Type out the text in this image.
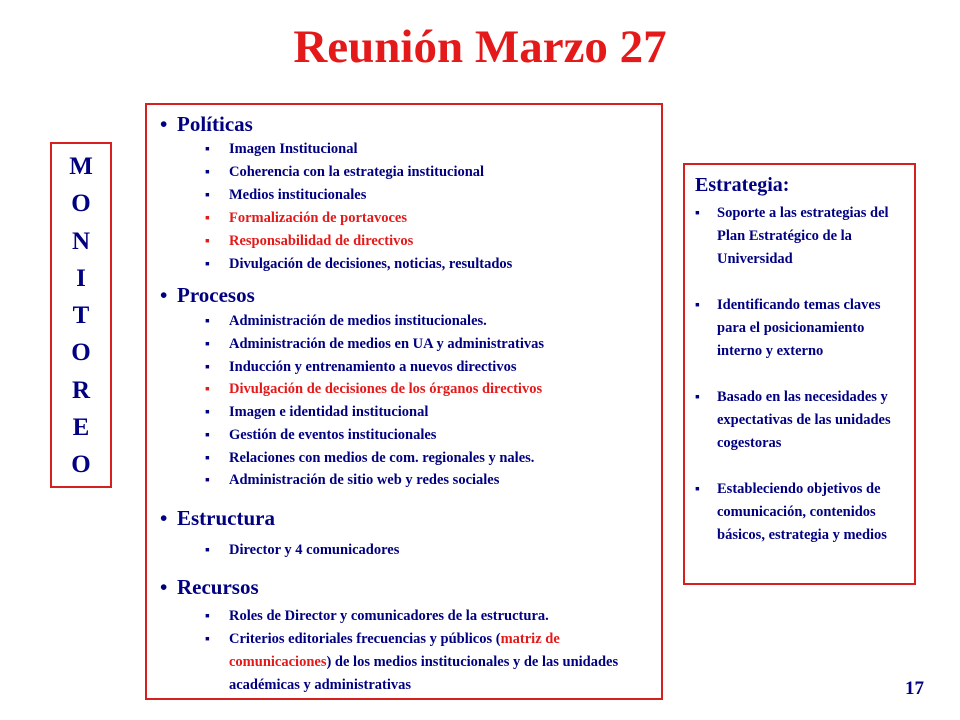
Reunión Marzo 27
M
O
N
I
T
O
R
E
O
• Políticas
▪ Imagen Institucional
▪ Coherencia con la estrategia institucional
▪ Medios institucionales
▪ Formalización de portavoces
▪ Responsabilidad de directivos
▪ Divulgación de decisiones, noticias, resultados
• Procesos
▪ Administración de medios institucionales.
▪ Administración de medios en UA y administrativas
▪ Inducción y entrenamiento a nuevos directivos
▪ Divulgación de decisiones de los órganos directivos
▪ Imagen e identidad institucional
▪ Gestión de eventos institucionales
▪ Relaciones con medios de com. regionales y nales.
▪ Administración de sitio web y redes sociales
• Estructura
▪ Director y 4 comunicadores
• Recursos
▪ Roles de Director y comunicadores de la estructura.
▪ Criterios editoriales frecuencias y públicos (matriz de comunicaciones) de los medios institucionales y de las unidades académicas y administrativas
Estrategia:
▪ Soporte a las estrategias del Plan Estratégico de la Universidad
▪ Identificando temas claves para el posicionamiento interno y externo
▪ Basado en las necesidades y expectativas de las unidades cogestoras
▪ Estableciendo objetivos de comunicación, contenidos básicos, estrategia y medios
17
